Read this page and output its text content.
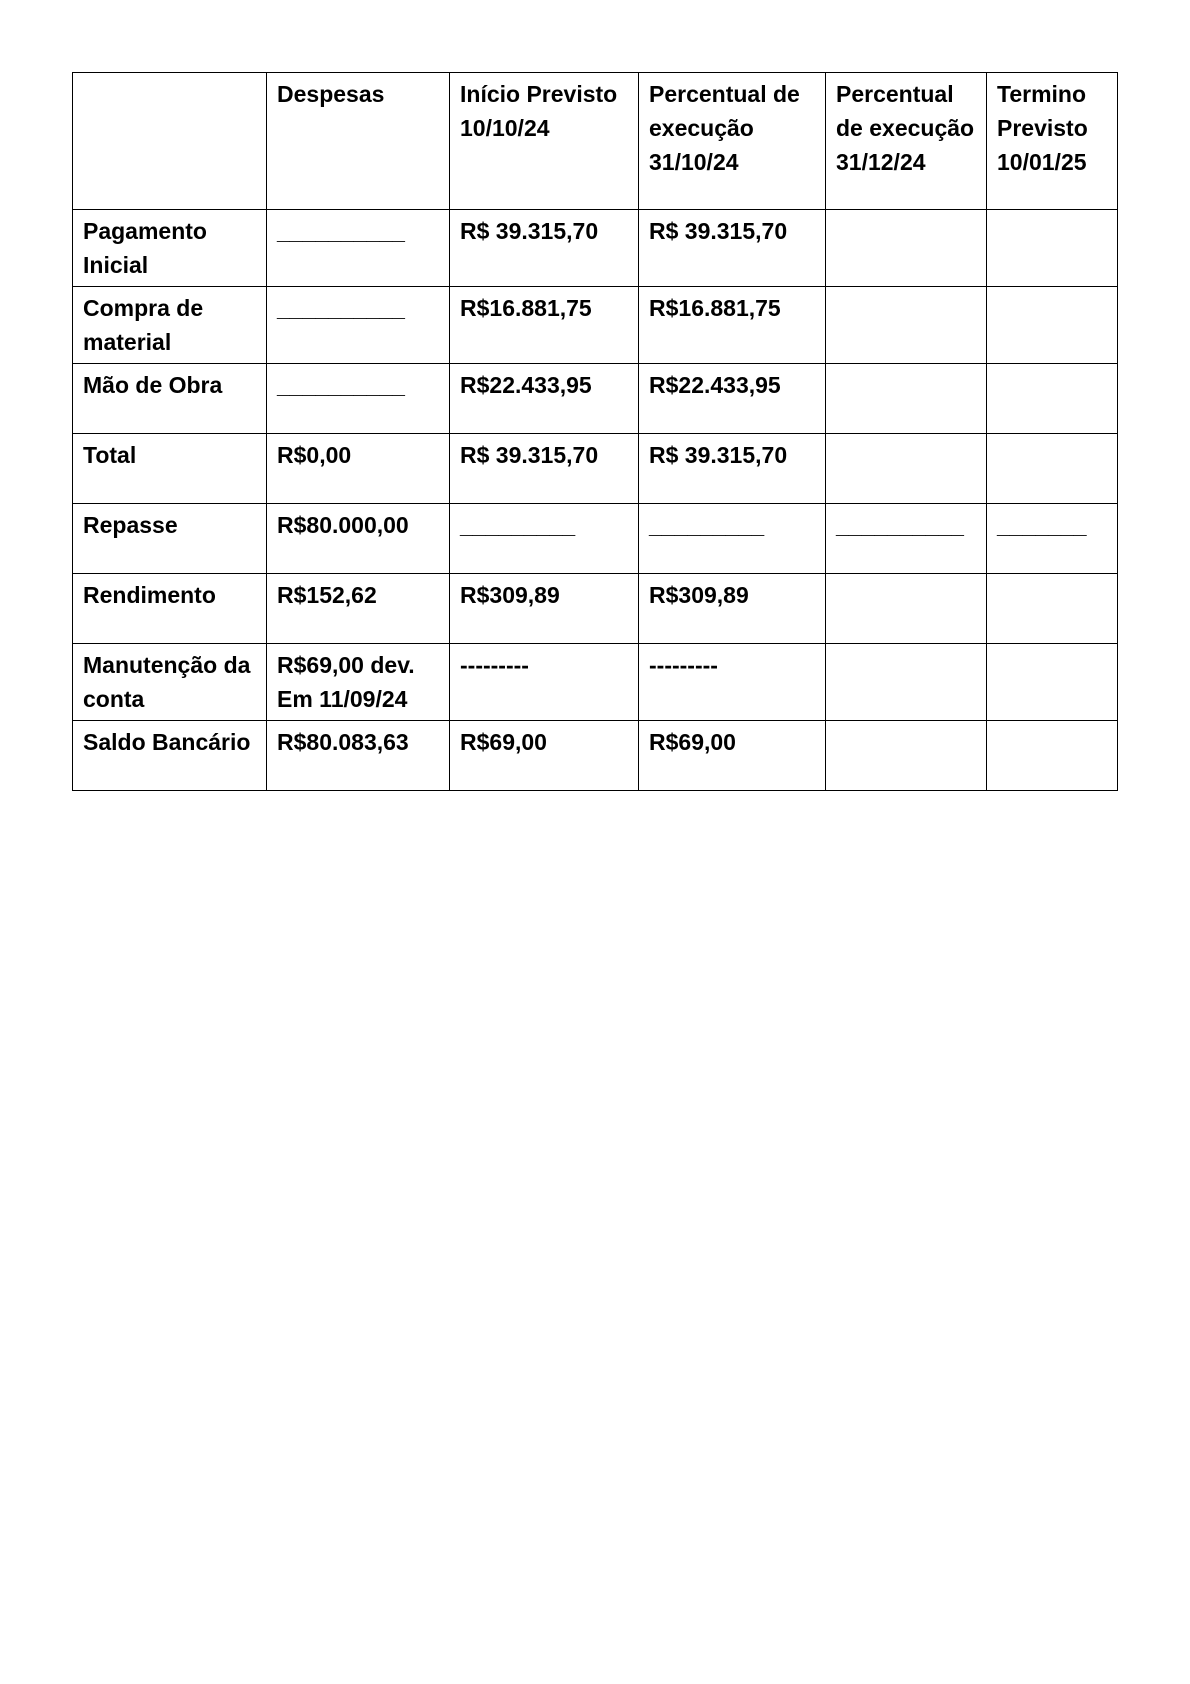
	Despesas	Início Previsto 10/10/24	Percentual de execução 31/10/24	Percentual de execução 31/12/24	Termino Previsto 10/01/25
Pagamento Inicial	__________	R$ 39.315,70	R$ 39.315,70		
Compra de material	__________	R$16.881,75	R$16.881,75		
Mão de Obra	__________	R$22.433,95	R$22.433,95		
Total	R$0,00	R$ 39.315,70	R$ 39.315,70		
Repasse	R$80.000,00	_________	_________	__________	_______
Rendimento	R$152,62	R$309,89	R$309,89		
Manutenção da conta	R$69,00 dev. Em 11/09/24	---------	---------		
Saldo Bancário	R$80.083,63	R$69,00	R$69,00		
